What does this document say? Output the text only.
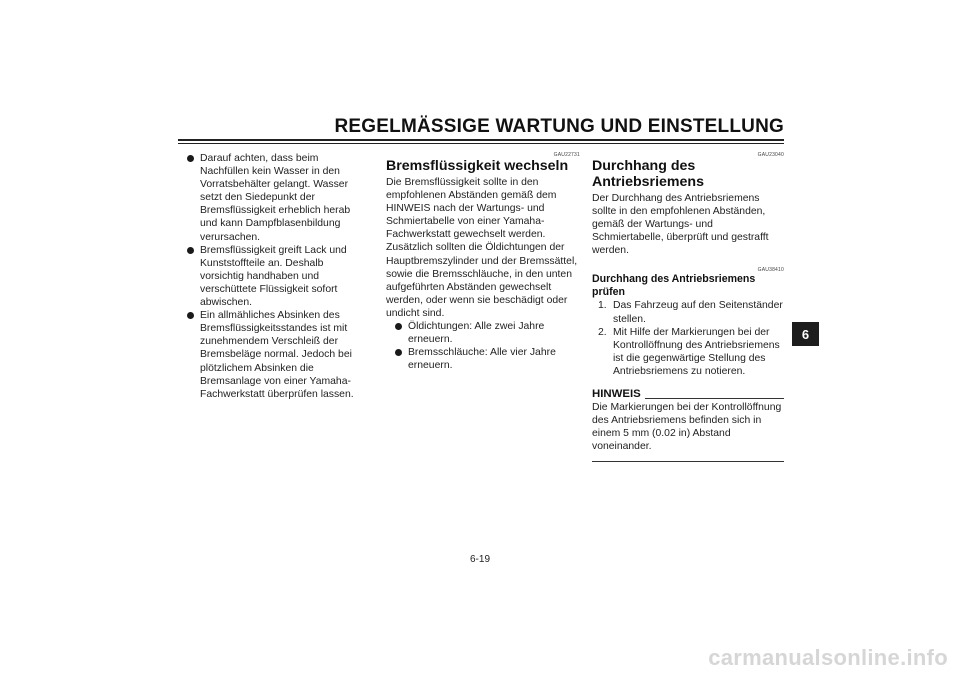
REGELMÄSSIGE WARTUNG UND EINSTELLUNG
Darauf achten, dass beim Nachfüllen kein Wasser in den Vorratsbehälter gelangt. Wasser setzt den Siedepunkt der Bremsflüssigkeit erheblich herab und kann Dampfblasenbildung verursachen.
Bremsflüssigkeit greift Lack und Kunststoffteile an. Deshalb vorsichtig handhaben und verschüttete Flüssigkeit sofort abwischen.
Ein allmähliches Absinken des Bremsflüssigkeitsstandes ist mit zunehmendem Verschleiß der Bremsbeläge normal. Jedoch bei plötzlichem Absinken die Bremsanlage von einer Yamaha-Fachwerkstatt überprüfen lassen.
GAU22731
Bremsflüssigkeit wechseln
Die Bremsflüssigkeit sollte in den empfohlenen Abständen gemäß dem HINWEIS nach der Wartungs- und Schmiertabelle von einer Yamaha-Fachwerkstatt gewechselt werden. Zusätzlich sollten die Öldichtungen der Hauptbremszylinder und der Bremssättel, sowie die Bremsschläuche, in den unten aufgeführten Abständen gewechselt werden, oder wenn sie beschädigt oder undicht sind.
Öldichtungen: Alle zwei Jahre erneuern.
Bremsschläuche: Alle vier Jahre erneuern.
GAU23040
Durchhang des Antriebsriemens
Der Durchhang des Antriebsriemens sollte in den empfohlenen Abständen, gemäß der Wartungs- und Schmiertabelle, überprüft und gestrafft werden.
GAU38410
Durchhang des Antriebsriemens prüfen
1. Das Fahrzeug auf den Seitenständer stellen.
2. Mit Hilfe der Markierungen bei der Kontrollöffnung des Antriebsriemens ist die gegenwärtige Stellung des Antriebsriemens zu notieren.
HINWEIS
Die Markierungen bei der Kontrollöffnung des Antriebsriemens befinden sich in einem 5 mm (0.02 in) Abstand voneinander.
6
6-19
carmanualsonline.info
